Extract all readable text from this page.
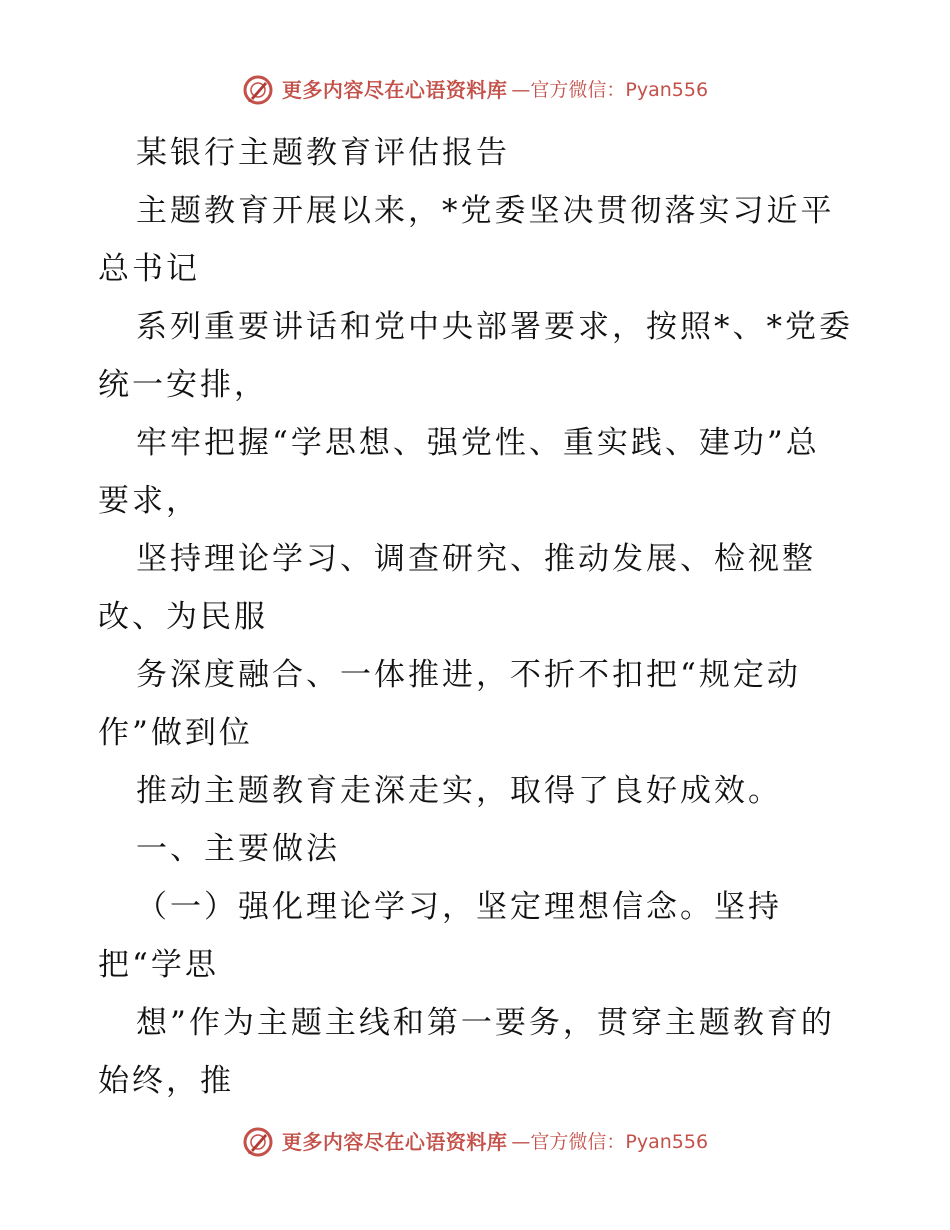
更多内容尽在心语资料库 —官方微信：Pyan556
某银行主题教育评估报告
主题教育开展以来，*党委坚决贯彻落实习近平
总书记
系列重要讲话和党中央部署要求，按照*、*党委
统一安排，
牢牢把握“学思想、强党性、重实践、建功”总
要求，
坚持理论学习、调查研究、推动发展、检视整
改、为民服
务深度融合、一体推进，不折不扣把“规定动
作”做到位
推动主题教育走深走实，取得了良好成效。
一、主要做法
（一）强化理论学习，坚定理想信念。坚持
把“学思
想”作为主题主线和第一要务，贯穿主题教育的
始终，推
更多内容尽在心语资料库 —官方微信：Pyan556
